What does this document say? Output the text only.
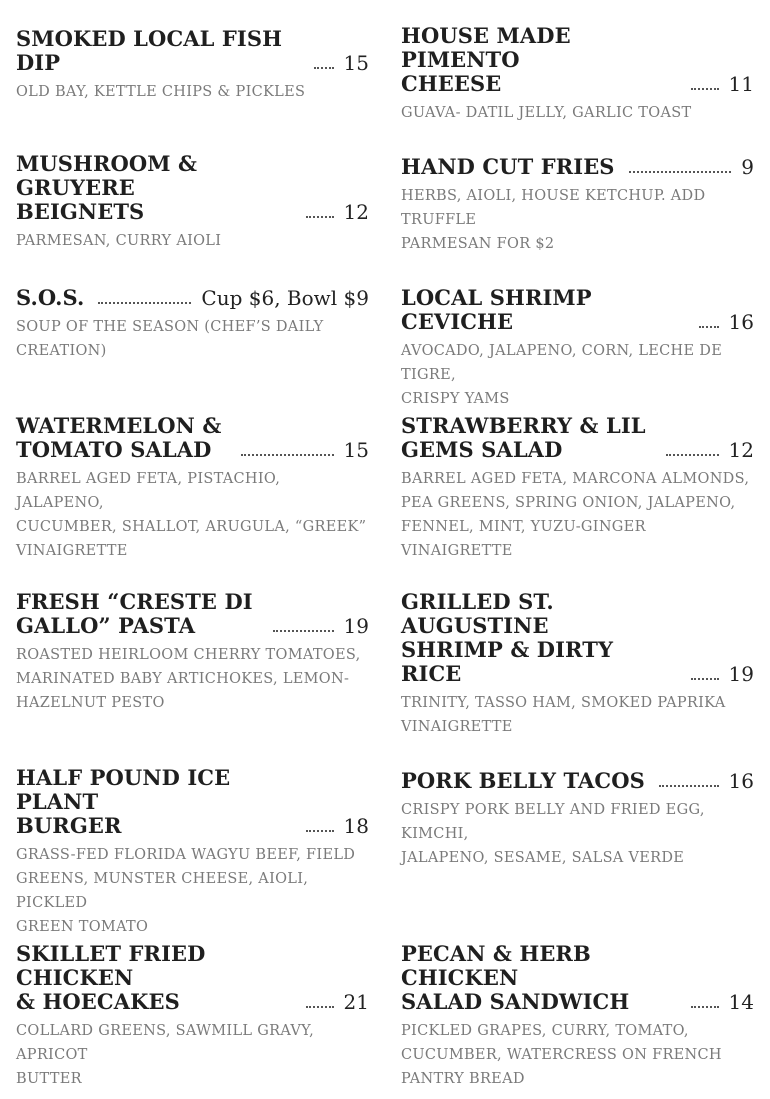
SMOKED LOCAL FISH DIP	15
OLD BAY, KETTLE CHIPS & PICKLES
MUSHROOM & GRUYERE
BEIGNETS	12
PARMESAN, CURRY AIOLI
S.O.S.	Cup $6, Bowl $9
SOUP OF THE SEASON (CHEF’S DAILY
CREATION)
WATERMELON &
TOMATO SALAD	15
BARREL AGED FETA, PISTACHIO, JALAPENO,
CUCUMBER, SHALLOT, ARUGULA, “GREEK”
VINAIGRETTE
FRESH “CRESTE DI
GALLO” PASTA	19
ROASTED HEIRLOOM CHERRY TOMATOES,
MARINATED BABY ARTICHOKES, LEMON-
HAZELNUT PESTO
HALF POUND ICE PLANT
BURGER	18
GRASS-FED FLORIDA WAGYU BEEF, FIELD
GREENS, MUNSTER CHEESE, AIOLI, PICKLED
GREEN TOMATO
SKILLET FRIED CHICKEN
& HOECAKES	21
COLLARD GREENS, SAWMILL GRAVY, APRICOT
BUTTER
HOUSE MADE PIMENTO
CHEESE	11
GUAVA- DATIL JELLY, GARLIC TOAST
HAND CUT FRIES	9
HERBS, AIOLI, HOUSE KETCHUP. ADD TRUFFLE
PARMESAN FOR $2
LOCAL SHRIMP CEVICHE	16
AVOCADO, JALAPENO, CORN, LECHE DE TIGRE,
CRISPY YAMS
STRAWBERRY & LIL
GEMS SALAD	12
BARREL AGED FETA, MARCONA ALMONDS,
PEA GREENS, SPRING ONION, JALAPENO,
FENNEL, MINT, YUZU-GINGER VINAIGRETTE
GRILLED ST. AUGUSTINE
SHRIMP & DIRTY RICE	19
TRINITY, TASSO HAM, SMOKED PAPRIKA
VINAIGRETTE
PORK BELLY TACOS	16
CRISPY PORK BELLY AND FRIED EGG, KIMCHI,
JALAPENO, SESAME, SALSA VERDE
PECAN & HERB CHICKEN
SALAD SANDWICH	14
PICKLED GRAPES, CURRY, TOMATO,
CUCUMBER, WATERCRESS ON FRENCH
PANTRY BREAD
